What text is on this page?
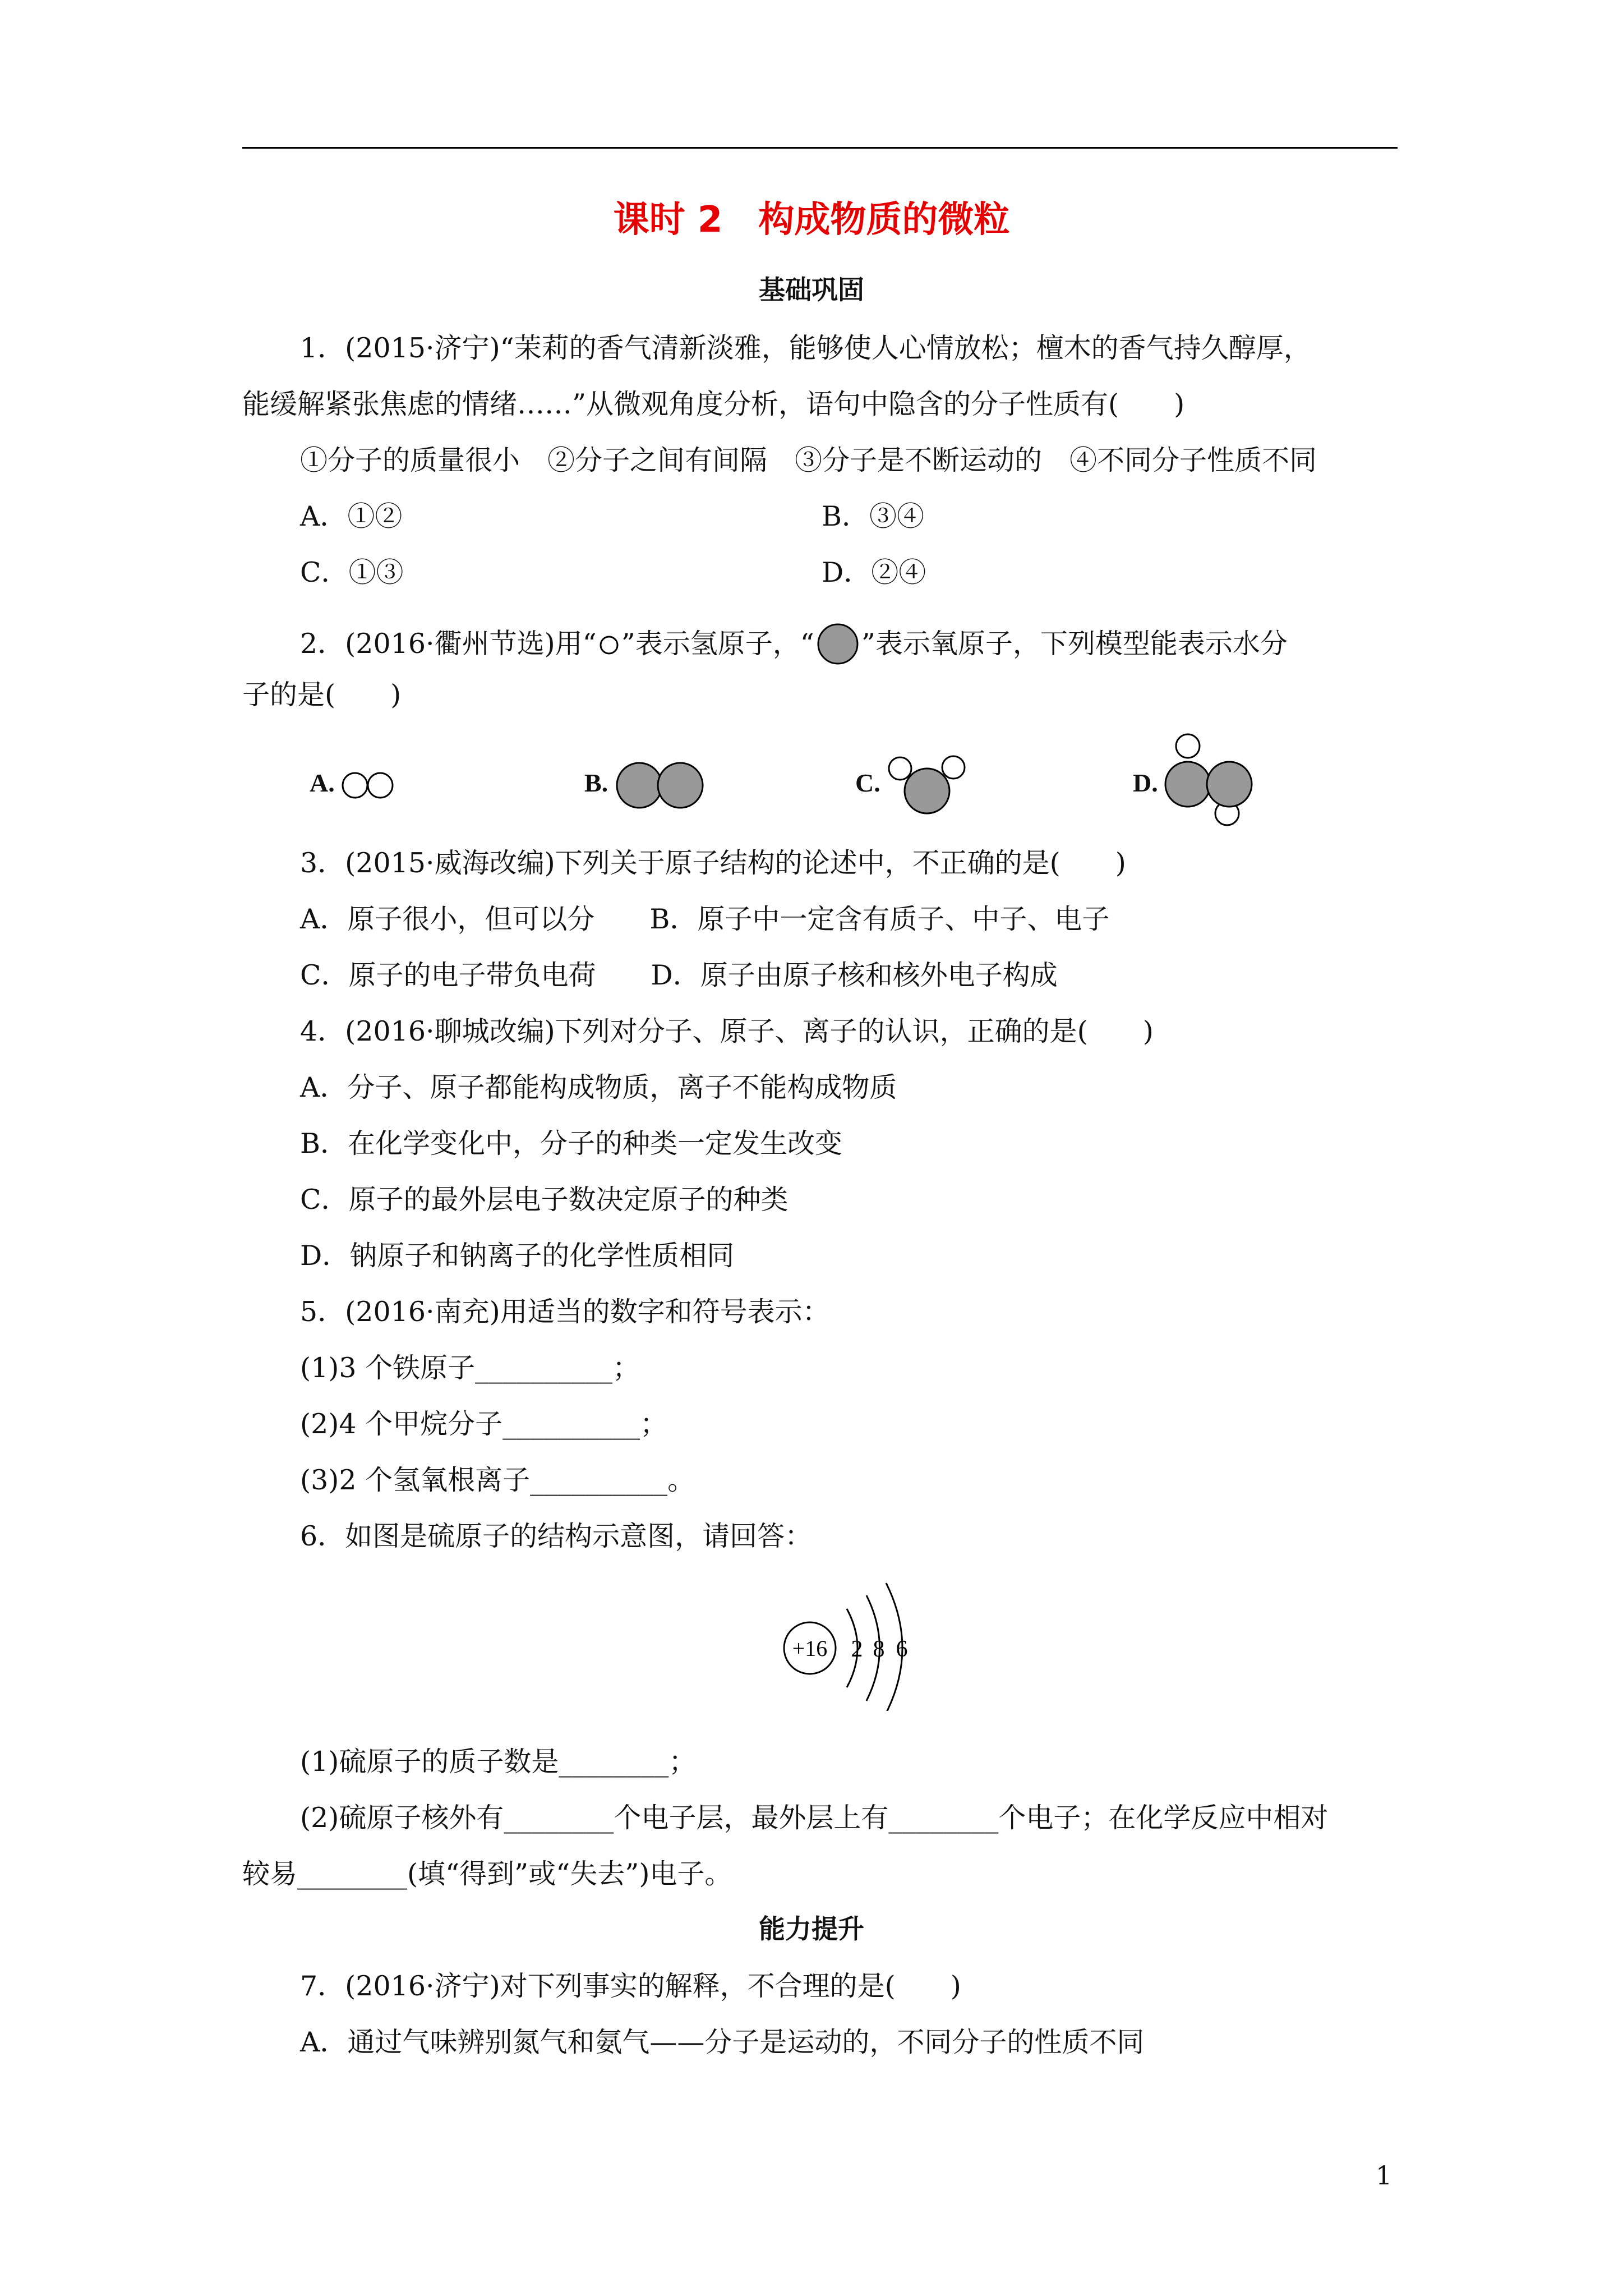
课时 2　构成物质的微粒
基础巩固
1．(2015·济宁)“茉莉的香气清新淡雅，能够使人心情放松；檀木的香气持久醇厚，
能缓解紧张焦虑的情绪……”从微观角度分析，语句中隐含的分子性质有(　　)
①分子的质量很小　②分子之间有间隔　③分子是不断运动的　④不同分子性质不同
A．①②	B．③④
C．①③	D．②④
2．(2016·衢州节选)用“ ”表示氢原子，“ ”表示氧原子，下列模型能表示水分
子的是(　　)
A.	B.	C.	D.
3．(2015·威海改编)下列关于原子结构的论述中，不正确的是(　　)
A．原子很小，但可以分　　B．原子中一定含有质子、中子、电子
C．原子的电子带负电荷　　D．原子由原子核和核外电子构成
4．(2016·聊城改编)下列对分子、原子、离子的认识，正确的是(　　)
A．分子、原子都能构成物质，离子不能构成物质
B．在化学变化中，分子的种类一定发生改变
C．原子的最外层电子数决定原子的种类
D．钠原子和钠离子的化学性质相同
5．(2016·南充)用适当的数字和符号表示：
(1)3 个铁原子__________；
(2)4 个甲烷分子__________；
(3)2 个氢氧根离子__________。
6．如图是硫原子的结构示意图，请回答：
+16 2 8 6
(1)硫原子的质子数是________；
(2)硫原子核外有________个电子层，最外层上有________个电子；在化学反应中相对
较易________(填“得到”或“失去”)电子。
能力提升
7．(2016·济宁)对下列事实的解释，不合理的是(　　)
A．通过气味辨别氮气和氨气——分子是运动的，不同分子的性质不同
1
